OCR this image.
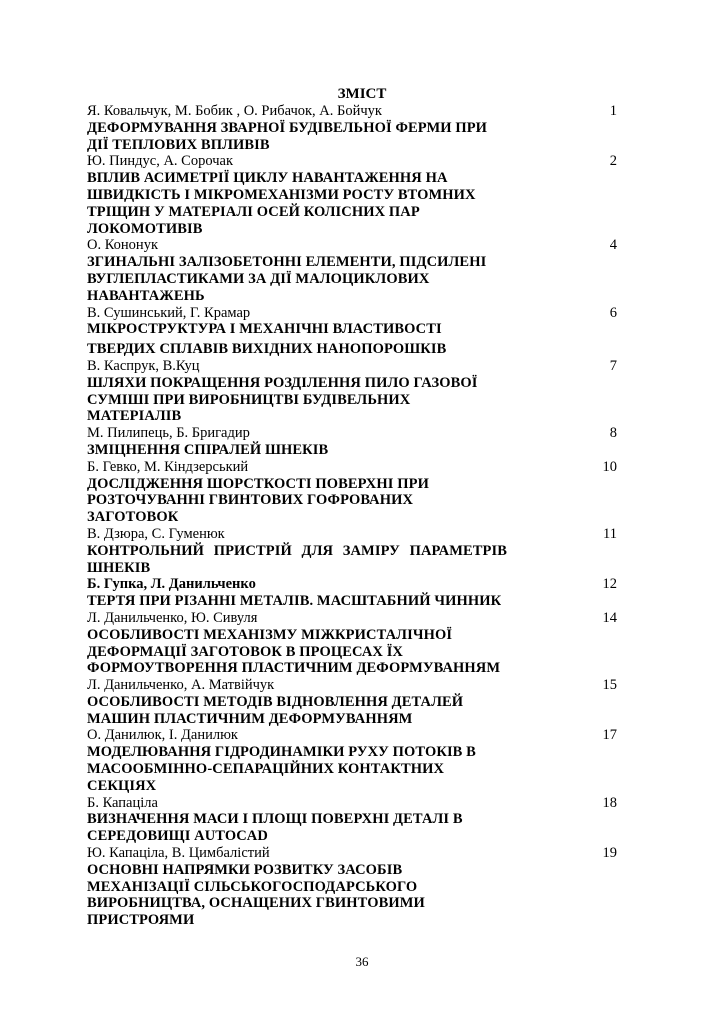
ЗМІСТ
Я. Ковальчук, М. Бобик , О. Рибачок, А. Бойчук	1
ДЕФОРМУВАННЯ ЗВАРНОЇ БУДІВЕЛЬНОЇ ФЕРМИ ПРИ
ДІЇ ТЕПЛОВИХ ВПЛИВІВ
Ю. Пиндус, А. Сорочак	2
ВПЛИВ АСИМЕТРІЇ ЦИКЛУ НАВАНТАЖЕННЯ НА
ШВИДКІСТЬ І МІКРОМЕХАНІЗМИ РОСТУ ВТОМНИХ
ТРІЩИН У МАТЕРІАЛІ ОСЕЙ КОЛІСНИХ ПАР
ЛОКОМОТИВІВ
О. Кононук	4
ЗГИНАЛЬНІ ЗАЛІЗОБЕТОННІ ЕЛЕМЕНТИ, ПІДСИЛЕНІ
ВУГЛЕПЛАСТИКАМИ ЗА ДІЇ МАЛОЦИКЛОВИХ
НАВАНТАЖЕНЬ
В. Сушинський, Г. Крамар	6
МІКРОСТРУКТУРА І МЕХАНІЧНІ ВЛАСТИВОСТІ
ТВЕРДИХ СПЛАВІВ ВИХІДНИХ НАНОПОРОШКІВ
В. Каспрук, В.Куц	7
ШЛЯХИ ПОКРАЩЕННЯ РОЗДІЛЕННЯ ПИЛО ГАЗОВОЇ
СУМІШІ ПРИ ВИРОБНИЦТВІ БУДІВЕЛЬНИХ
МАТЕРІАЛІВ
М. Пилипець, Б. Бригадир	8
ЗМІЦНЕННЯ СПІРАЛЕЙ ШНЕКІВ
Б. Гевко, М. Кіндзерський	10
ДОСЛІДЖЕННЯ ШОРСТКОСТІ ПОВЕРХНІ ПРИ
РОЗТОЧУВАННІ ГВИНТОВИХ ГОФРОВАНИХ
ЗАГОТОВОК
В. Дзюра, С. Гуменюк	11
КОНТРОЛЬНИЙ ПРИСТРІЙ ДЛЯ ЗАМІРУ ПАРАМЕТРІВ
ШНЕКІВ
Б. Гупка, Л. Данильченко	12
ТЕРТЯ ПРИ РІЗАННІ МЕТАЛІВ. МАСШТАБНИЙ ЧИННИК
Л. Данильченко, Ю. Сивуля	14
ОСОБЛИВОСТІ МЕХАНІЗМУ МІЖКРИСТАЛІЧНОЇ
ДЕФОРМАЦІЇ ЗАГОТОВОК В ПРОЦЕСАХ ЇХ
ФОРМОУТВОРЕННЯ ПЛАСТИЧНИМ ДЕФОРМУВАННЯМ
Л. Данильченко, А. Матвійчук	15
ОСОБЛИВОСТІ МЕТОДІВ ВІДНОВЛЕННЯ ДЕТАЛЕЙ
МАШИН ПЛАСТИЧНИМ ДЕФОРМУВАННЯМ
О. Данилюк, І. Данилюк	17
МОДЕЛЮВАННЯ ГІДРОДИНАМІКИ РУХУ ПОТОКІВ В
МАСООБМІННО-СЕПАРАЦІЙНИХ КОНТАКТНИХ
СЕКЦІЯХ
Б. Капаціла	18
ВИЗНАЧЕННЯ МАСИ І ПЛОЩІ ПОВЕРХНІ ДЕТАЛІ В
СЕРЕДОВИЩІ AUTOCAD
Ю. Капаціла, В. Цимбалістий	19
ОСНОВНІ НАПРЯМКИ РОЗВИТКУ ЗАСОБІВ
МЕХАНІЗАЦІЇ СІЛЬСЬКОГОСПОДАРСЬКОГО
ВИРОБНИЦТВА, ОСНАЩЕНИХ ГВИНТОВИМИ
ПРИСТРОЯМИ
36
